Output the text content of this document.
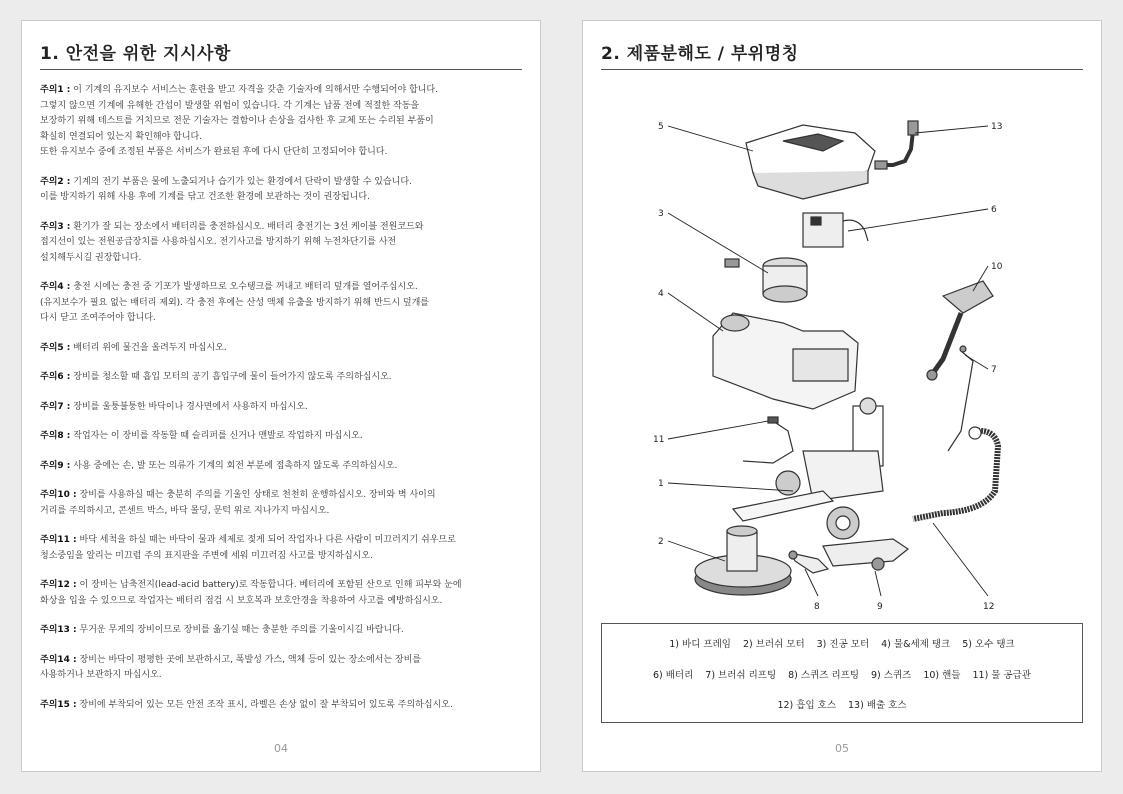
1. 안전을 위한 지시사항

주의1 : 이 기계의 유지보수 서비스는 훈련을 받고 자격을 갖춘 기술자에 의해서만 수행되어야 합니다.
그렇지 않으면 기계에 유해한 간섭이 발생할 위험이 있습니다. 각 기계는 납품 전에 적절한 작동을
보장하기 위해 테스트를 거치므로 전문 기술자는 결함이나 손상을 검사한 후 교체 또는 수리된 부품이
확실히 연결되어 있는지 확인해야 합니다.
또한 유지보수 중에 조정된 부품은 서비스가 완료된 후에 다시 단단히 고정되어야 합니다.

주의2 : 기계의 전기 부품은 물에 노출되거나 습기가 있는 환경에서 단락이 발생할 수 있습니다.
이를 방지하기 위해 사용 후에 기계를 닦고 건조한 환경에 보관하는 것이 권장됩니다.

주의3 : 환기가 잘 되는 장소에서 배터리를 충전하십시오. 배터리 충전기는 3선 케이블 전원코드와
접지선이 있는 전원공급장치를 사용하십시오. 전기사고를 방지하기 위해 누전차단기를 사전
설치해두시길 권장합니다.

주의4 : 충전 시에는 충전 중 기포가 발생하므로 오수탱크를 꺼내고 배터리 덮개를 열어주십시오.
(유지보수가 필요 없는 배터리 제외). 각 충전 후에는 산성 액체 유출을 방지하기 위해 반드시 덮개를
다시 닫고 조여주어야 합니다.

주의5 : 배터리 위에 물건을 올려두지 마십시오.

주의6 : 장비를 청소할 때 흡입 모터의 공기 흡입구에 물이 들어가지 않도록 주의하십시오.

주의7 : 장비를 울퉁불퉁한 바닥이나 경사면에서 사용하지 마십시오.

주의8 : 작업자는 이 장비를 작동할 때 슬리퍼를 신거나 맨발로 작업하지 마십시오.

주의9 : 사용 중에는 손, 발 또는 의류가 기계의 회전 부분에 접촉하지 않도록 주의하십시오.

주의10 : 장비를 사용하실 때는 충분히 주의를 기울인 상태로 천천히 운행하십시오. 장비와 벽 사이의
거리를 주의하시고, 콘센트 박스, 바닥 몰딩, 문턱 위로 지나가지 마십시오.

주의11 : 바닥 세척을 하실 때는 바닥이 물과 세제로 젖게 되어 작업자나 다른 사람이 미끄러지기 쉬우므로
청소중임을 알리는 미끄럼 주의 표지판을 주변에 세워 미끄러짐 사고를 방지하십시오.

주의12 : 이 장비는 납축전지(lead-acid battery)로 작동합니다. 베터리에 포함된 산으로 인해 피부와 눈에
화상을 입을 수 있으므로 작업자는 배터리 점검 시 보호복과 보호안경을 착용하여 사고를 예방하십시오.

주의13 : 무거운 무게의 장비이므로 장비를 옮기실 때는 충분한 주의를 기울이시길 바랍니다.

주의14 : 장비는 바닥이 평평한 곳에 보관하시고, 폭발성 가스, 액체 등이 있는 장소에서는 장비를
사용하거나 보관하지 마십시오.

주의15 : 장비에 부착되어 있는 모든 안전 조작 표시, 라벨은 손상 없이 잘 부착되어 있도록 주의하십시오.

04
2. 제품분해도 / 부위명칭
5	13
6
3
10
4
7
11
1
2
8	9	12
1) 바디 프레임 2) 브러쉬 모터 3) 진공 모터 4) 물&세제 탱크 5) 오수 탱크
6) 배터리 7) 브러쉬 리프팅 8) 스퀴즈 리프팅 9) 스퀴즈 10) 핸들 11) 물 공급관
12) 흡입 호스 13) 배출 호스
05
